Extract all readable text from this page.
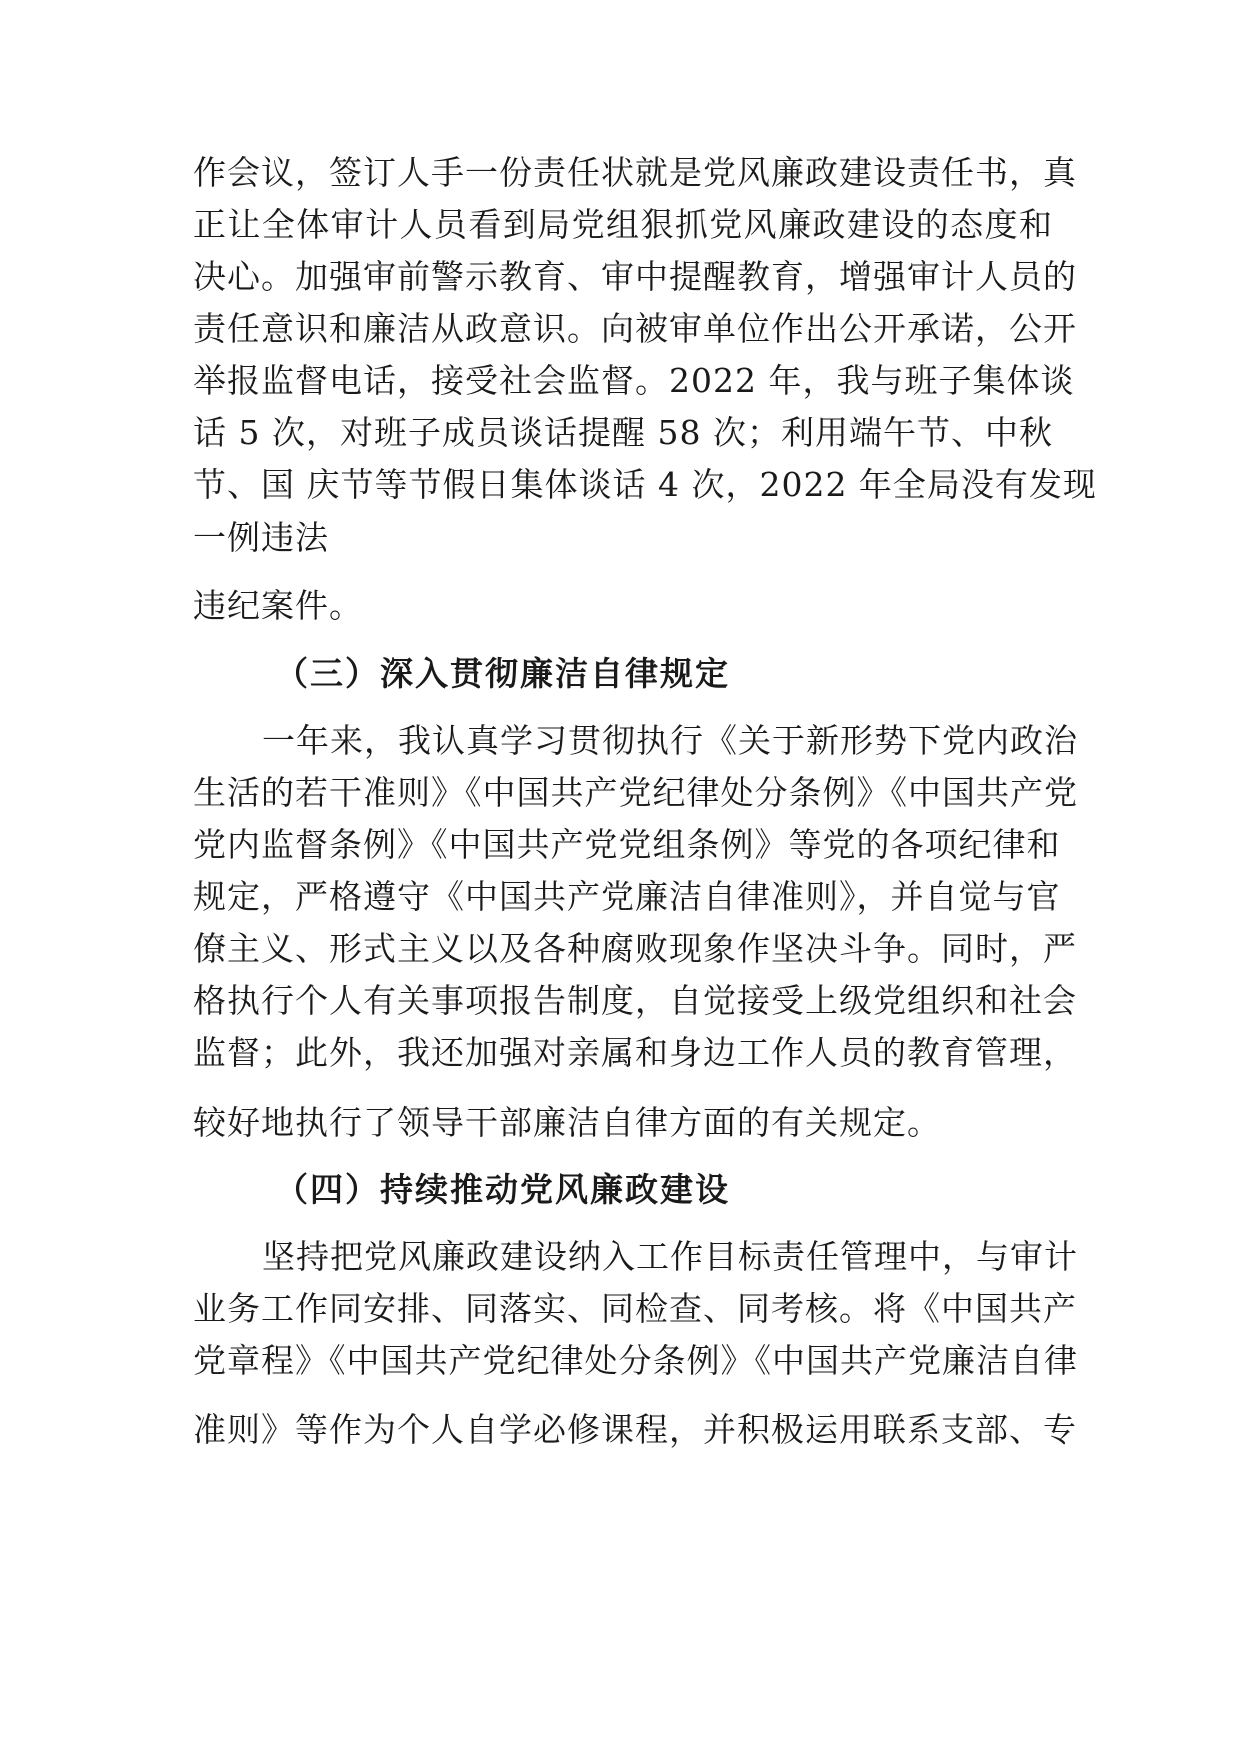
作会议，签订人手一份责任状就是党风廉政建设责任书，真
正让全体审计人员看到局党组狠抓党风廉政建设的态度和
决心。加强审前警示教育、审中提醒教育，增强审计人员的
责任意识和廉洁从政意识。向被审单位作出公开承诺，公开
举报监督电话，接受社会监督。2022 年，我与班子集体谈
话 5 次，对班子成员谈话提醒 58 次；利用端午节、中秋
节、国 庆节等节假日集体谈话 4 次，2022 年全局没有发现
一例违法
违纪案件。
（三）深入贯彻廉洁自律规定
一年来，我认真学习贯彻执行《关于新形势下党内政治
生活的若干准则》《中国共产党纪律处分条例》《中国共产党
党内监督条例》《中国共产党党组条例》等党的各项纪律和
规定，严格遵守《中国共产党廉洁自律准则》，并自觉与官
僚主义、形式主义以及各种腐败现象作坚决斗争。同时，严
格执行个人有关事项报告制度，自觉接受上级党组织和社会
监督；此外，我还加强对亲属和身边工作人员的教育管理，
较好地执行了领导干部廉洁自律方面的有关规定。
（四）持续推动党风廉政建设
坚持把党风廉政建设纳入工作目标责任管理中，与审计
业务工作同安排、同落实、同检查、同考核。将《中国共产
党章程》《中国共产党纪律处分条例》《中国共产党廉洁自律
准则》等作为个人自学必修课程，并积极运用联系支部、专
